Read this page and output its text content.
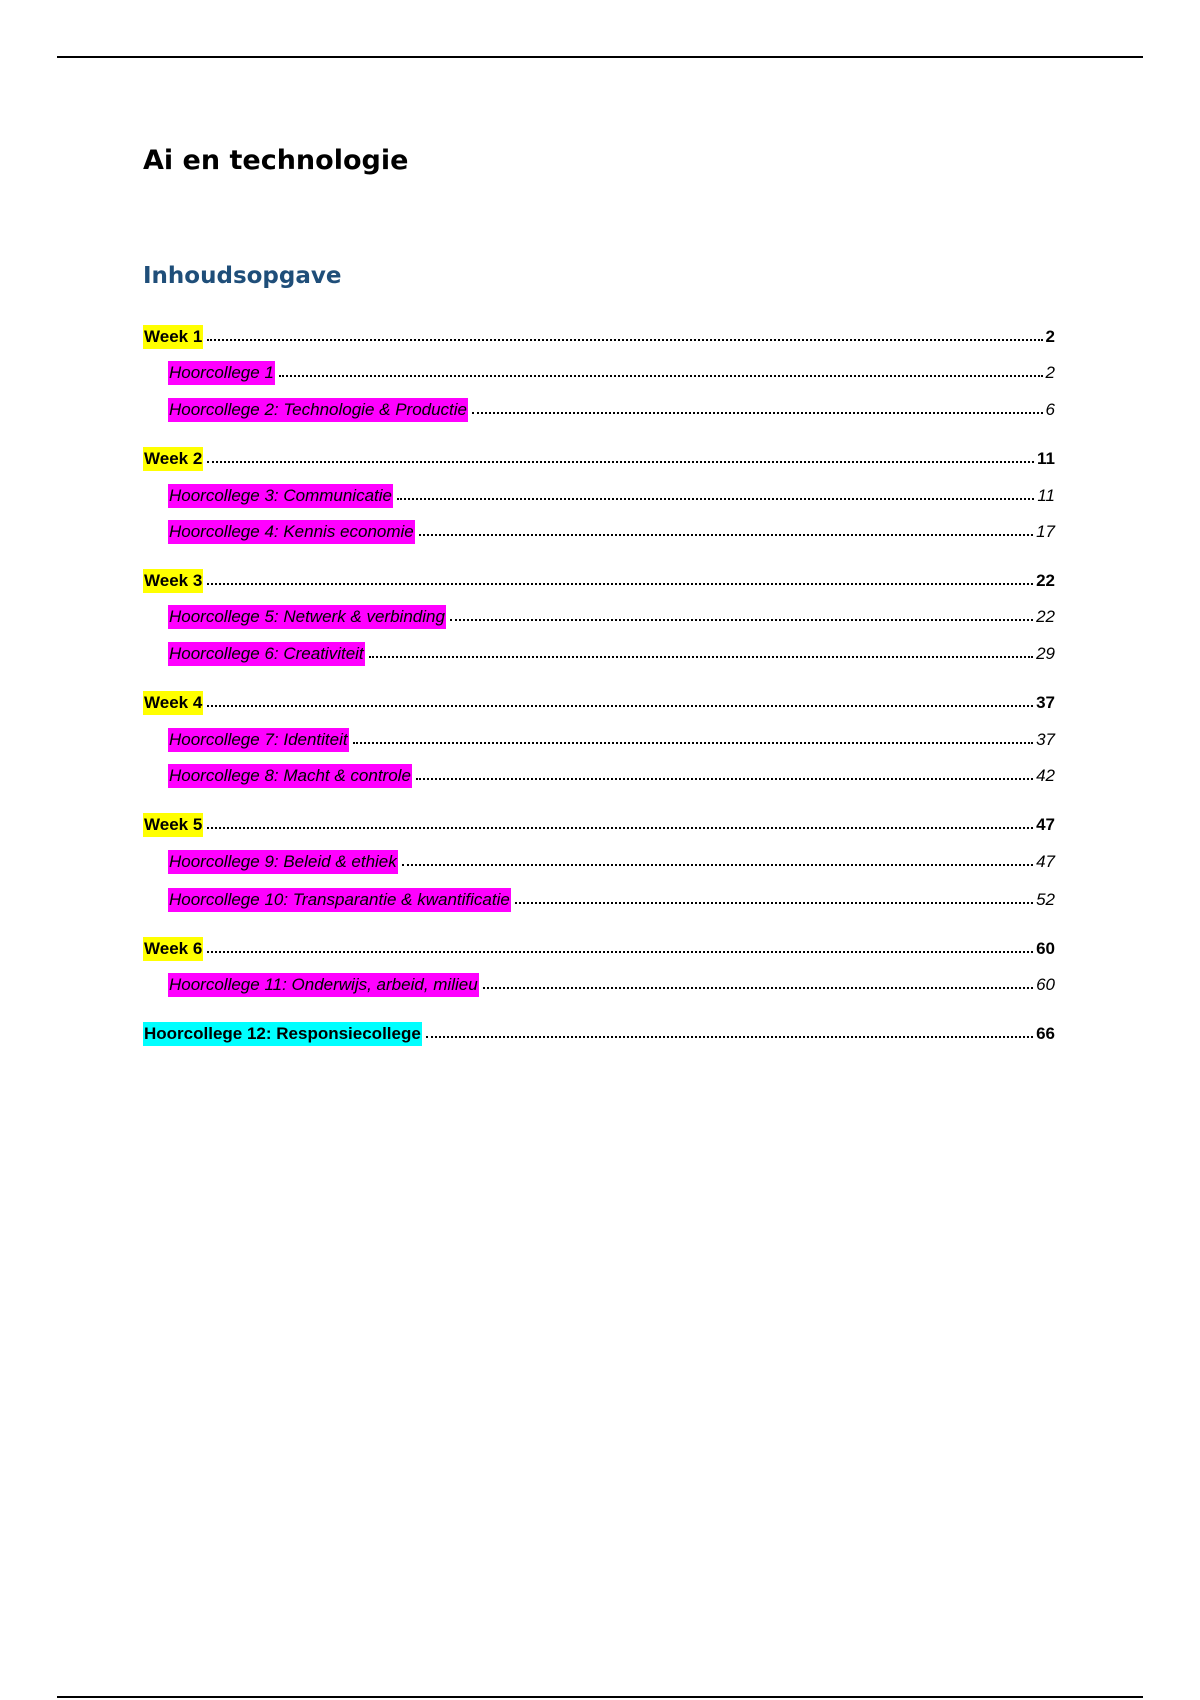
Ai en technologie
Inhoudsopgave
Week 1	2
Hoorcollege 1	2
Hoorcollege 2: Technologie & Productie	6
Week 2	11
Hoorcollege 3: Communicatie	11
Hoorcollege 4: Kennis economie	17
Week 3	22
Hoorcollege 5: Netwerk & verbinding	22
Hoorcollege 6: Creativiteit	29
Week 4	37
Hoorcollege 7: Identiteit	37
Hoorcollege 8: Macht & controle	42
Week 5	47
Hoorcollege 9: Beleid & ethiek	47
Hoorcollege 10: Transparantie & kwantificatie	52
Week 6	60
Hoorcollege 11: Onderwijs, arbeid, milieu	60
Hoorcollege 12: Responsiecollege	66
